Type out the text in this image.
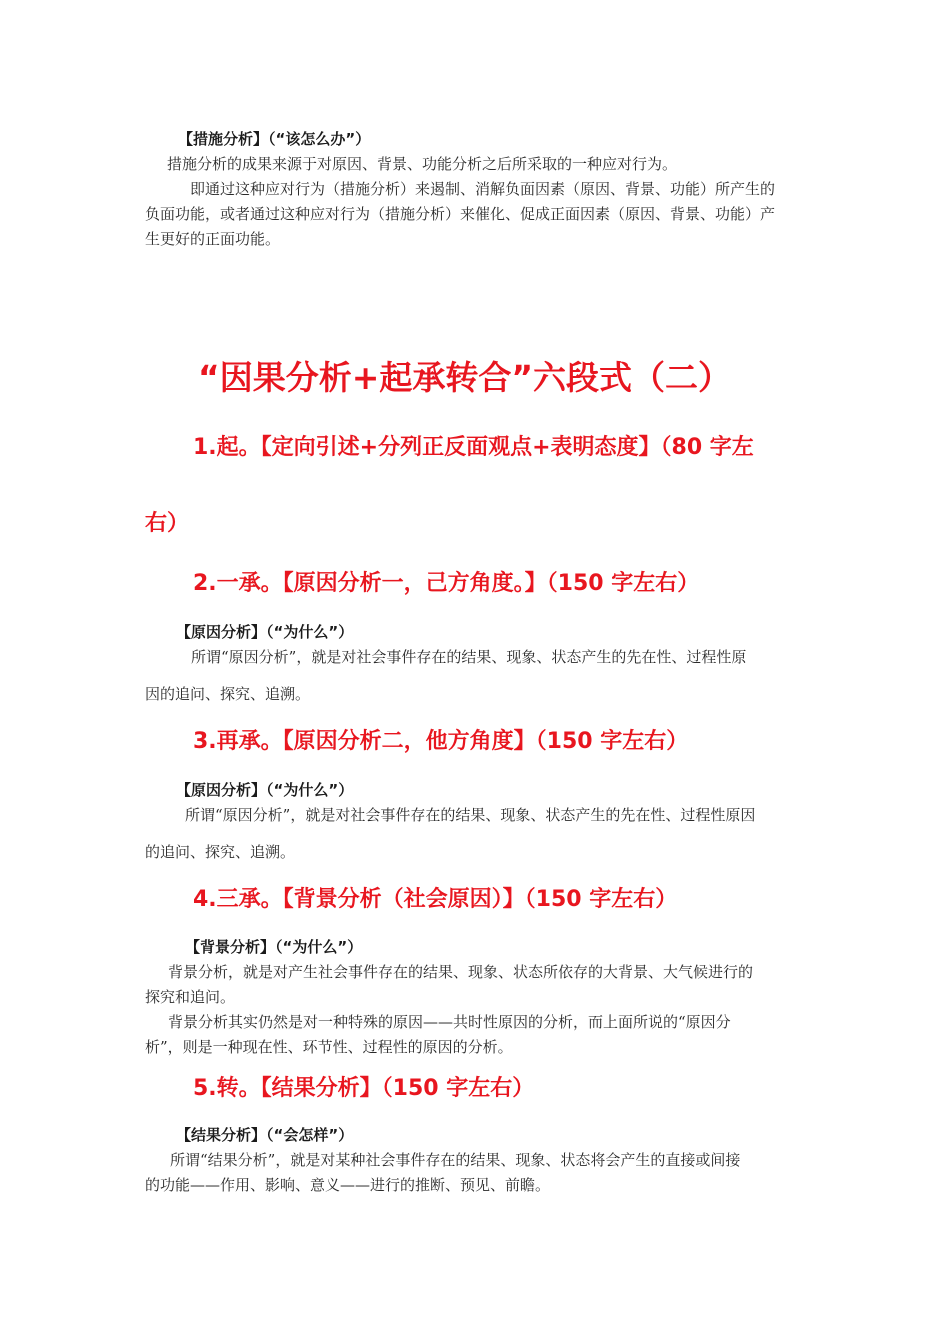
【措施分析】（“该怎么办”）
措施分析的成果来源于对原因、背景、功能分析之后所采取的一种应对行为。
即通过这种应对行为（措施分析）来遏制、消解负面因素（原因、背景、功能）所产生的
负面功能，或者通过这种应对行为（措施分析）来催化、促成正面因素（原因、背景、功能）产
生更好的正面功能。
“因果分析+起承转合”六段式（二）
1.起。【定向引述+分列正反面观点+表明态度】（80 字左
右）
2.一承。【原因分析一，己方角度。】（150 字左右）
【原因分析】（“为什么”）
所谓“原因分析”，就是对社会事件存在的结果、现象、状态产生的先在性、过程性原
因的追问、探究、追溯。
3.再承。【原因分析二，他方角度】（150 字左右）
【原因分析】（“为什么”）
所谓“原因分析”，就是对社会事件存在的结果、现象、状态产生的先在性、过程性原因
的追问、探究、追溯。
4.三承。【背景分析（社会原因）】（150 字左右）
【背景分析】（“为什么”）
背景分析，就是对产生社会事件存在的结果、现象、状态所依存的大背景、大气候进行的
探究和追问。
背景分析其实仍然是对一种特殊的原因——共时性原因的分析，而上面所说的“原因分
析”，则是一种现在性、环节性、过程性的原因的分析。
5.转。【结果分析】（150 字左右）
【结果分析】（“会怎样”）
所谓“结果分析”，就是对某种社会事件存在的结果、现象、状态将会产生的直接或间接
的功能——作用、影响、意义——进行的推断、预见、前瞻。
